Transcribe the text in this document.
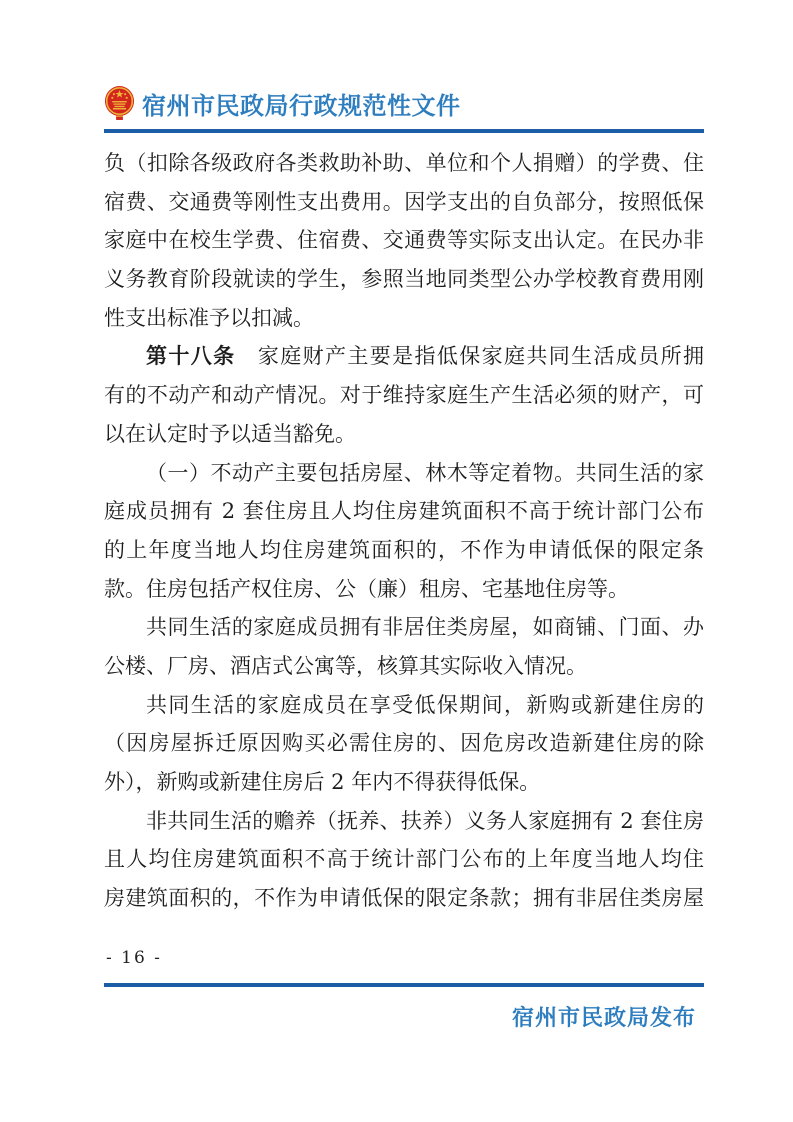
宿州市民政局行政规范性文件
负（扣除各级政府各类救助补助、单位和个人捐赠）的学费、住
宿费、交通费等刚性支出费用。因学支出的自负部分，按照低保
家庭中在校生学费、住宿费、交通费等实际支出认定。在民办非
义务教育阶段就读的学生，参照当地同类型公办学校教育费用刚
性支出标准予以扣减。
第十八条　家庭财产主要是指低保家庭共同生活成员所拥
有的不动产和动产情况。对于维持家庭生产生活必须的财产，可
以在认定时予以适当豁免。
（一）不动产主要包括房屋、林木等定着物。共同生活的家
庭成员拥有 2 套住房且人均住房建筑面积不高于统计部门公布
的上年度当地人均住房建筑面积的，不作为申请低保的限定条
款。住房包括产权住房、公（廉）租房、宅基地住房等。
共同生活的家庭成员拥有非居住类房屋，如商铺、门面、办
公楼、厂房、酒店式公寓等，核算其实际收入情况。
共同生活的家庭成员在享受低保期间，新购或新建住房的
（因房屋拆迁原因购买必需住房的、因危房改造新建住房的除
外），新购或新建住房后 2 年内不得获得低保。
非共同生活的赡养（抚养、扶养）义务人家庭拥有 2 套住房
且人均住房建筑面积不高于统计部门公布的上年度当地人均住
房建筑面积的，不作为申请低保的限定条款；拥有非居住类房屋
- 16 -
宿州市民政局发布
